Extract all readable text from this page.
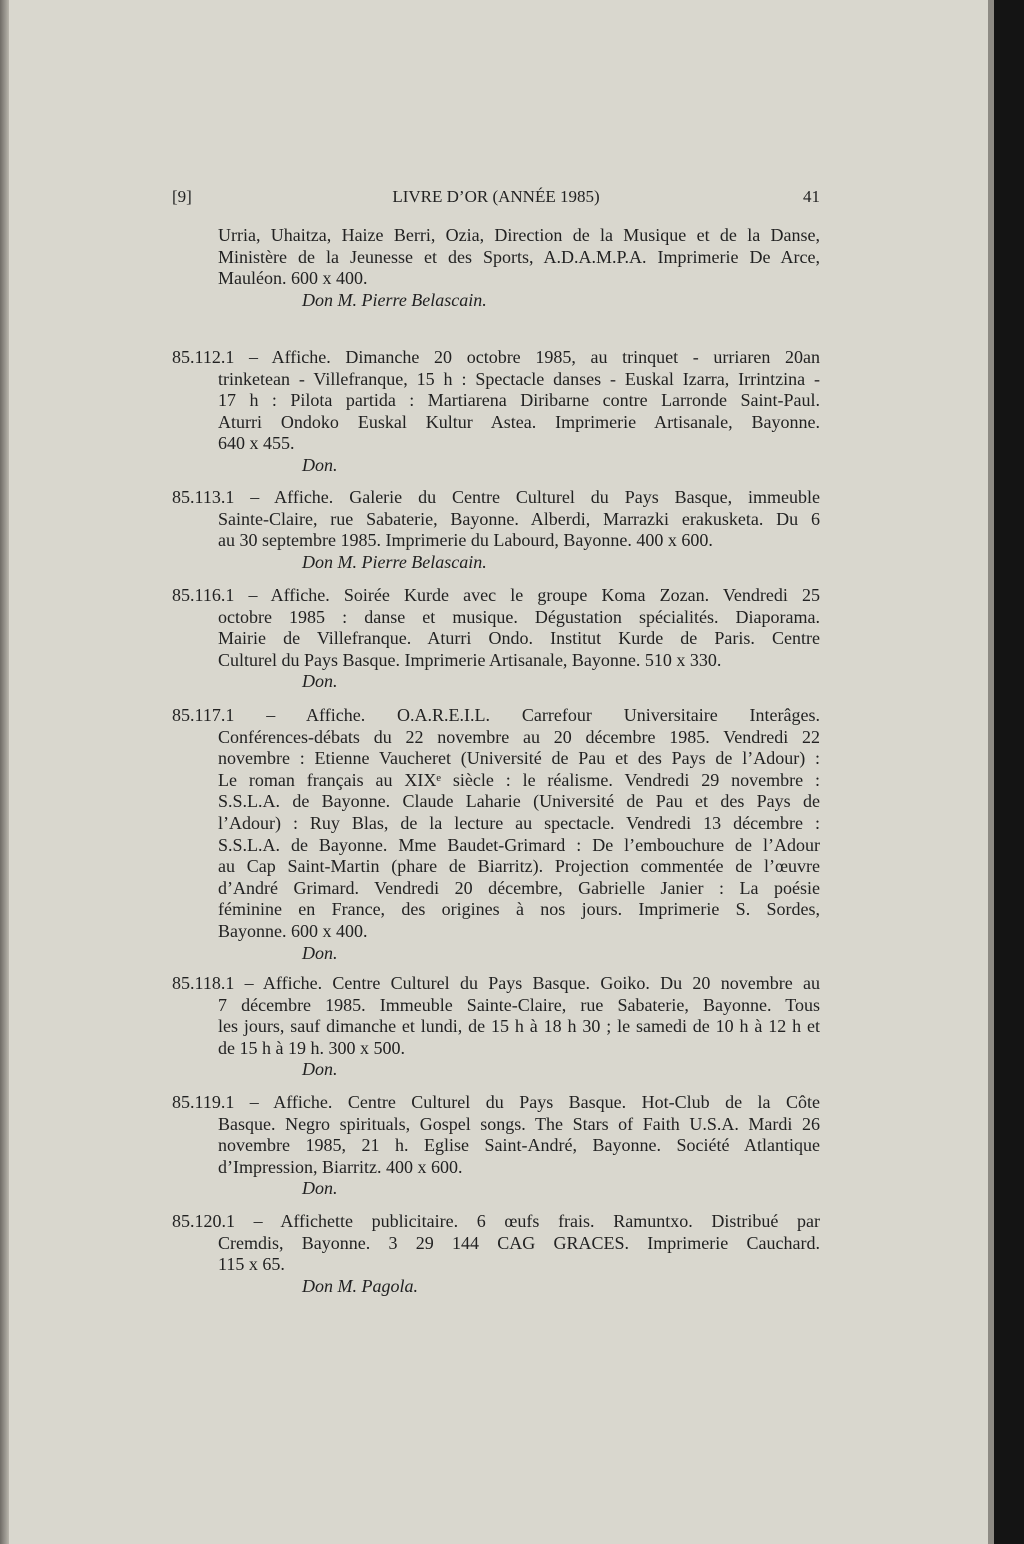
[9]	LIVRE D’OR (ANNÉE 1985)	41
Urria, Uhaitza, Haize Berri, Ozia, Direction de la Musique et de la Danse,
Ministère de la Jeunesse et des Sports, A.D.A.M.P.A. Imprimerie De Arce,
Mauléon. 600 x 400.
Don M. Pierre Belascain.
85.112.1 – Affiche. Dimanche 20 octobre 1985, au trinquet - urriaren 20an
trinketean - Villefranque, 15 h : Spectacle danses - Euskal Izarra, Irrintzina -
17 h : Pilota partida : Martiarena Diribarne contre Larronde Saint-Paul.
Aturri Ondoko Euskal Kultur Astea. Imprimerie Artisanale, Bayonne.
640 x 455.
Don.
85.113.1 – Affiche. Galerie du Centre Culturel du Pays Basque, immeuble
Sainte-Claire, rue Sabaterie, Bayonne. Alberdi, Marrazki erakusketa. Du 6
au 30 septembre 1985. Imprimerie du Labourd, Bayonne. 400 x 600.
Don M. Pierre Belascain.
85.116.1 – Affiche. Soirée Kurde avec le groupe Koma Zozan. Vendredi 25
octobre 1985 : danse et musique. Dégustation spécialités. Diaporama.
Mairie de Villefranque. Aturri Ondo. Institut Kurde de Paris. Centre
Culturel du Pays Basque. Imprimerie Artisanale, Bayonne. 510 x 330.
Don.
85.117.1 – Affiche. O.A.R.E.I.L. Carrefour Universitaire Interâges.
Conférences-débats du 22 novembre au 20 décembre 1985. Vendredi 22
novembre : Etienne Vaucheret (Université de Pau et des Pays de l’Adour) :
Le roman français au XIXᵉ siècle : le réalisme. Vendredi 29 novembre :
S.S.L.A. de Bayonne. Claude Laharie (Université de Pau et des Pays de
l’Adour) : Ruy Blas, de la lecture au spectacle. Vendredi 13 décembre :
S.S.L.A. de Bayonne. Mme Baudet-Grimard : De l’embouchure de l’Adour
au Cap Saint-Martin (phare de Biarritz). Projection commentée de l’œuvre
d’André Grimard. Vendredi 20 décembre, Gabrielle Janier : La poésie
féminine en France, des origines à nos jours. Imprimerie S. Sordes,
Bayonne. 600 x 400.
Don.
85.118.1 – Affiche. Centre Culturel du Pays Basque. Goiko. Du 20 novembre au
7 décembre 1985. Immeuble Sainte-Claire, rue Sabaterie, Bayonne. Tous
les jours, sauf dimanche et lundi, de 15 h à 18 h 30 ; le samedi de 10 h à 12 h et
de 15 h à 19 h. 300 x 500.
Don.
85.119.1 – Affiche. Centre Culturel du Pays Basque. Hot-Club de la Côte
Basque. Negro spirituals, Gospel songs. The Stars of Faith U.S.A. Mardi 26
novembre 1985, 21 h. Eglise Saint-André, Bayonne. Société Atlantique
d’Impression, Biarritz. 400 x 600.
Don.
85.120.1 – Affichette publicitaire. 6 œufs frais. Ramuntxo. Distribué par
Cremdis, Bayonne. 3 29 144 CAG GRACES. Imprimerie Cauchard.
115 x 65.
Don M. Pagola.
